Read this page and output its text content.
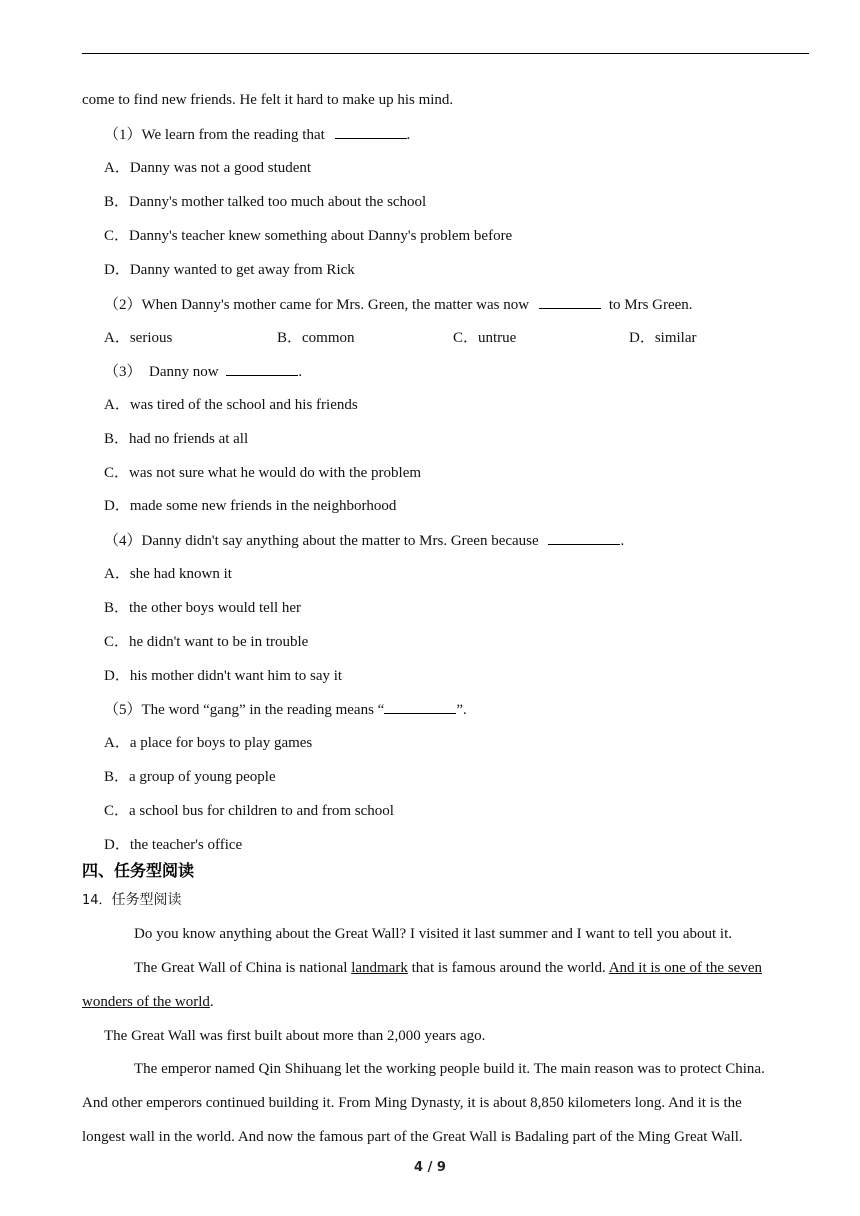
come to find new friends. He felt it hard to make up his mind.
（1）We learn from the reading that	.
A．Danny was not a good student
B．Danny's mother talked too much about the school
C．Danny's teacher knew something about Danny's problem before
D．Danny wanted to get away from Rick
（2）When Danny's mother came for Mrs. Green, the matter was now	to Mrs Green.
A．serious	B．common	C．untrue	D．similar
（3）　Danny now	.
A．was tired of the school and his friends
B．had no friends at all
C．was not sure what he would do with the problem
D．made some new friends in the neighborhood
（4）Danny didn't say anything about the matter to Mrs. Green because	.
A．she had known it
B．the other boys would tell her
C．he didn't want to be in trouble
D．his mother didn't want him to say it
（5）The word “gang” in the reading means “	”.
A．a place for boys to play games
B．a group of young people
C．a school bus for children to and from school
D．the teacher's office
四、任务型阅读
14．任务型阅读
Do you know anything about the Great Wall? I visited it last summer and I want to tell you about it.
The Great Wall of China is national landmark that is famous around the world. And it is one of the seven
wonders of the world.
The Great Wall was first built about more than 2,000 years ago.
The emperor named Qin Shihuang let the working people build it. The main reason was to protect China.
And other emperors continued building it. From Ming Dynasty, it is about 8,850 kilometers long. And it is the
longest wall in the world. And now the famous part of the Great Wall is Badaling part of the Ming Great Wall.
4 / 9
